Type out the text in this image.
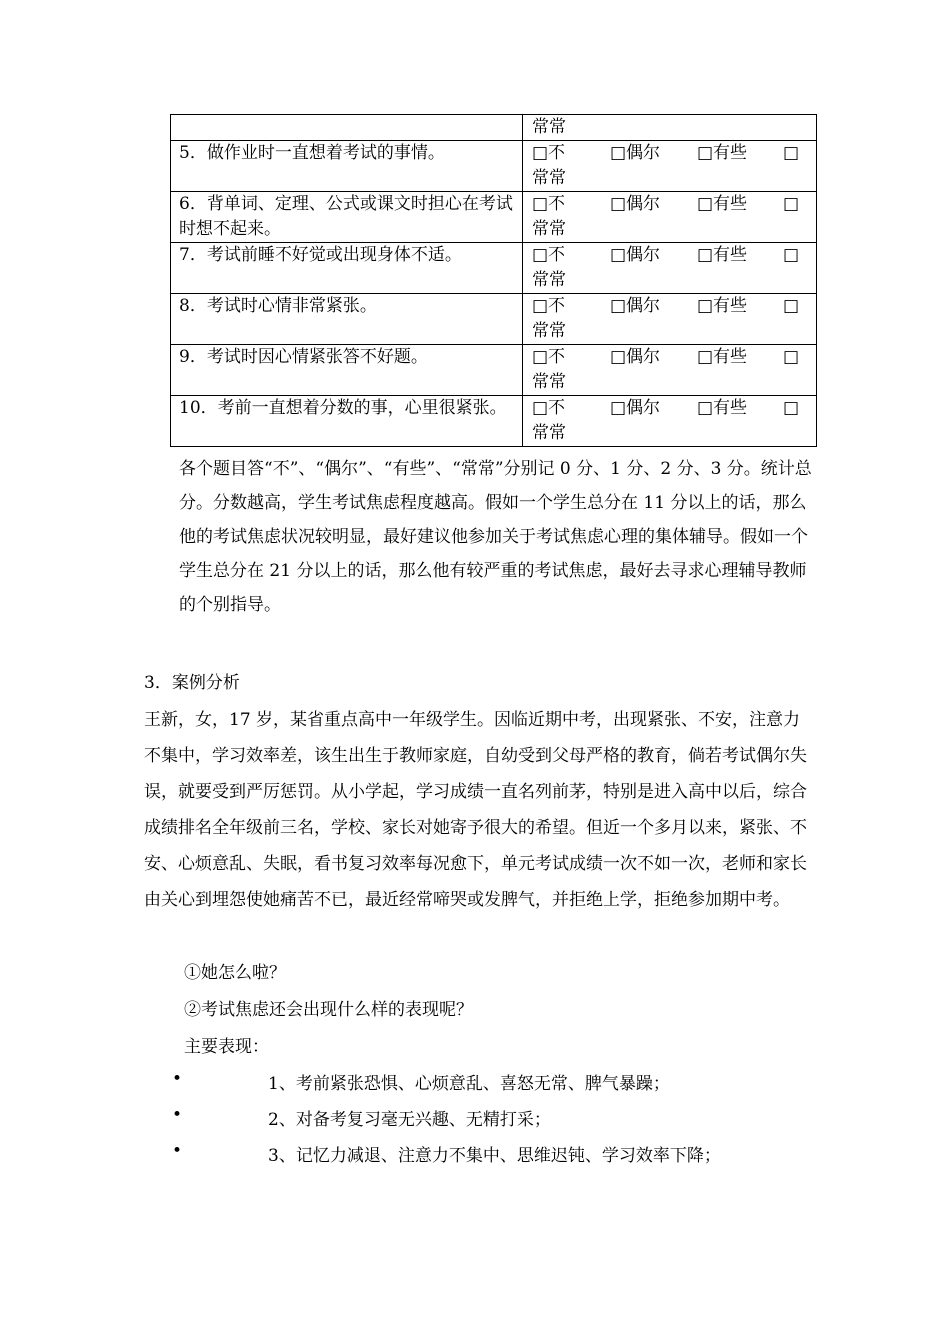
	常常
5．做作业时一直想着考试的事情。	□不 □偶尔 □有些 □
常常

6．背单词、定理、公式或课文时担心在考试时想不起来。	□不 □偶尔 □有些 □
常常

7．考试前睡不好觉或出现身体不适。	□不 □偶尔 □有些 □
常常

8．考试时心情非常紧张。	□不 □偶尔 □有些 □
常常

9．考试时因心情紧张答不好题。	□不 □偶尔 □有些 □
常常

10．考前一直想着分数的事，心里很紧张。	□不 □偶尔 □有些 □
常常

各个题目答“不”、“偶尔”、“有些”、“常常”分别记 0 分、1 分、2 分、3 分。统计总分。分数越高，学生考试焦虑程度越高。假如一个学生总分在 11 分以上的话，那么他的考试焦虑状况较明显，最好建议他参加关于考试焦虑心理的集体辅导。假如一个学生总分在 21 分以上的话，那么他有较严重的考试焦虑，最好去寻求心理辅导教师的个别指导。

3．案例分析

王新，女，17 岁，某省重点高中一年级学生。因临近期中考，出现紧张、不安，注意力不集中，学习效率差，该生出生于教师家庭，自幼受到父母严格的教育，倘若考试偶尔失误，就要受到严厉惩罚。从小学起，学习成绩一直名列前茅，特别是进入高中以后，综合成绩排名全年级前三名，学校、家长对她寄予很大的希望。但近一个多月以来，紧张、不安、心烦意乱、失眠，看书复习效率每况愈下，单元考试成绩一次不如一次，老师和家长由关心到埋怨使她痛苦不已，最近经常啼哭或发脾气，并拒绝上学，拒绝参加期中考。

①她怎么啦？
②考试焦虑还会出现什么样的表现呢？
主要表现：
•	1、考前紧张恐惧、心烦意乱、喜怒无常、脾气暴躁；
•	2、对备考复习毫无兴趣、无精打采；
•	3、记忆力减退、注意力不集中、思维迟钝、学习效率下降；
